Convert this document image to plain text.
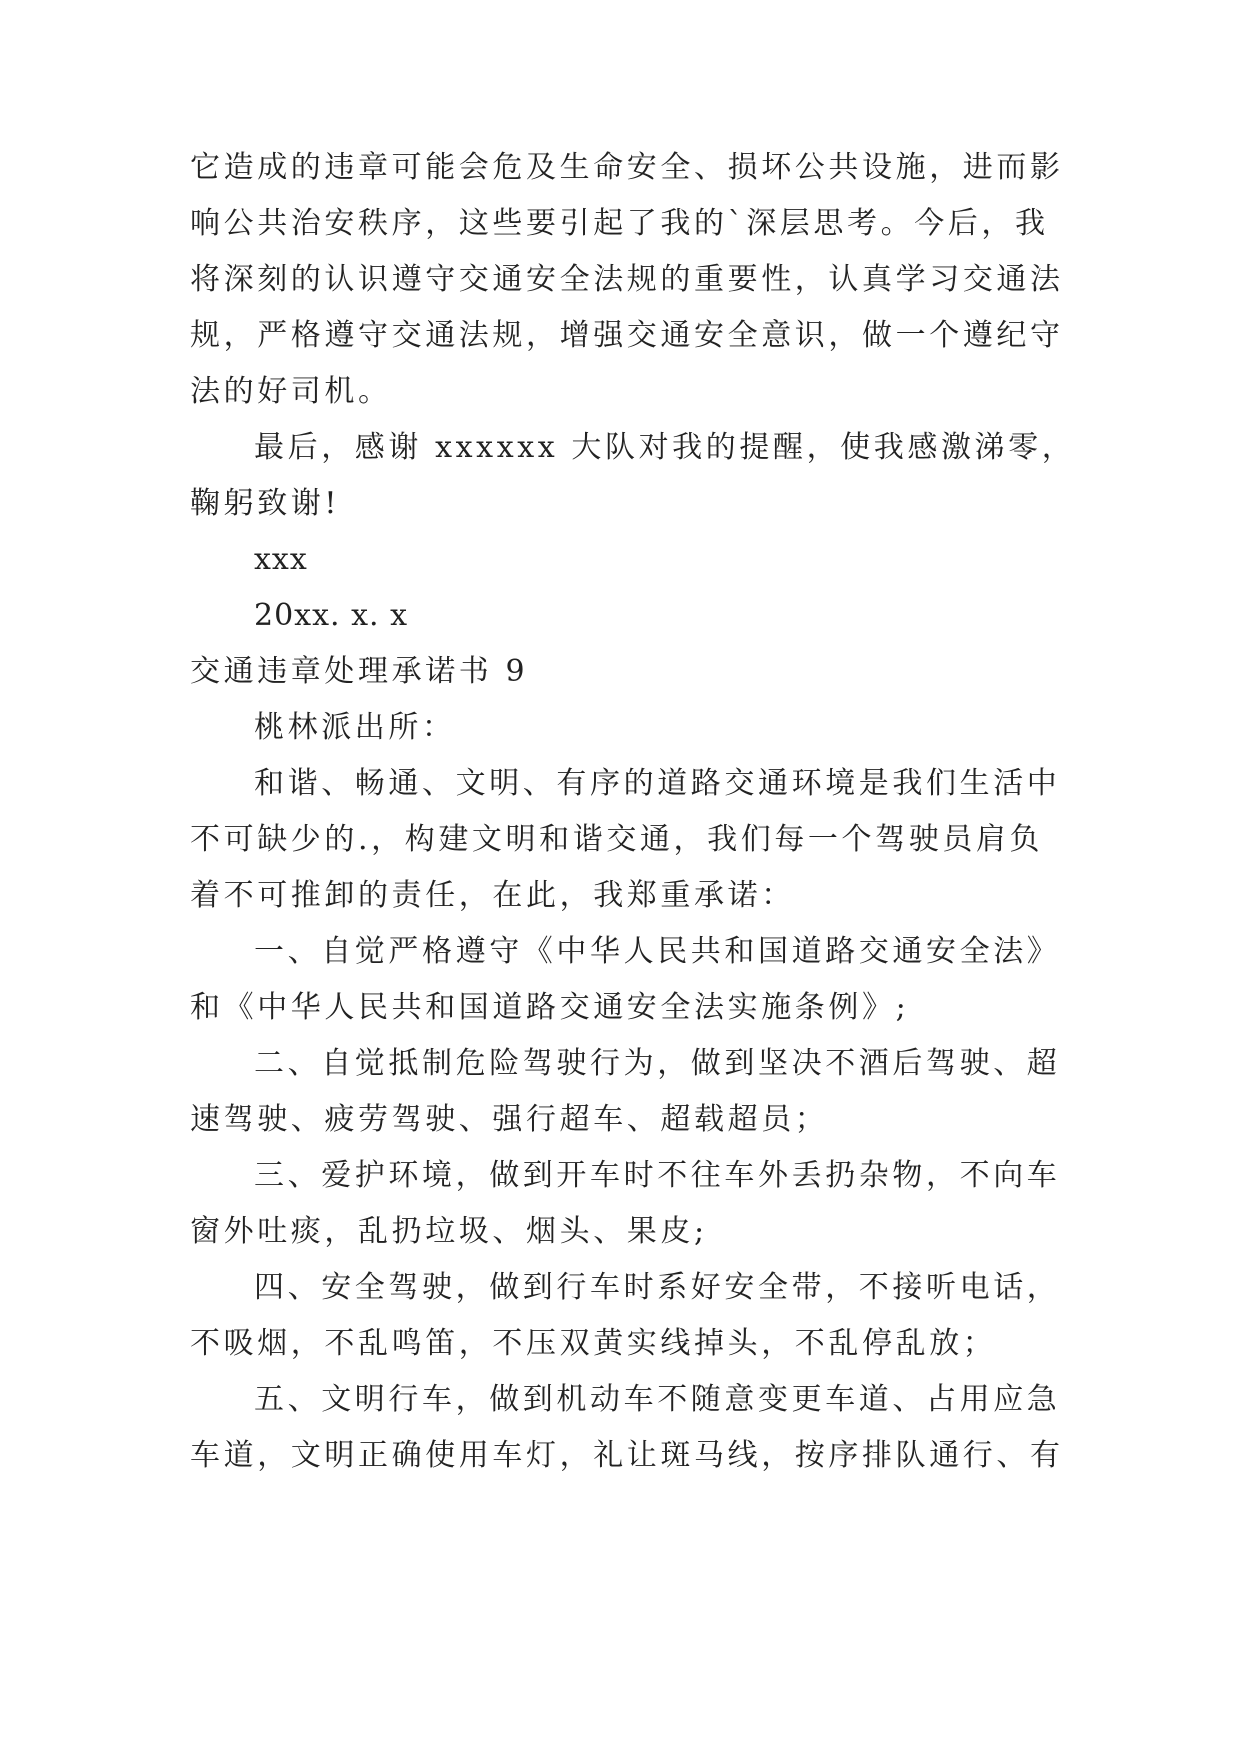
它造成的违章可能会危及生命安全、损坏公共设施，进而影
响公共治安秩序，这些要引起了我的`深层思考。今后，我
将深刻的认识遵守交通安全法规的重要性，认真学习交通法
规，严格遵守交通法规，增强交通安全意识，做一个遵纪守
法的好司机。
最后，感谢 xxxxxx 大队对我的提醒，使我感激涕零，
鞠躬致谢!
xxx
20xx. x. x
交通违章处理承诺书 9
桃林派出所：
和谐、畅通、文明、有序的道路交通环境是我们生活中
不可缺少的.，构建文明和谐交通，我们每一个驾驶员肩负
着不可推卸的责任，在此，我郑重承诺：
一、自觉严格遵守《中华人民共和国道路交通安全法》
和《中华人民共和国道路交通安全法实施条例》;
二、自觉抵制危险驾驶行为，做到坚决不酒后驾驶、超
速驾驶、疲劳驾驶、强行超车、超载超员；
三、爱护环境，做到开车时不往车外丢扔杂物，不向车
窗外吐痰，乱扔垃圾、烟头、果皮;
四、安全驾驶，做到行车时系好安全带，不接听电话，
不吸烟，不乱鸣笛，不压双黄实线掉头，不乱停乱放；
五、文明行车，做到机动车不随意变更车道、占用应急
车道，文明正确使用车灯，礼让斑马线，按序排队通行、有
